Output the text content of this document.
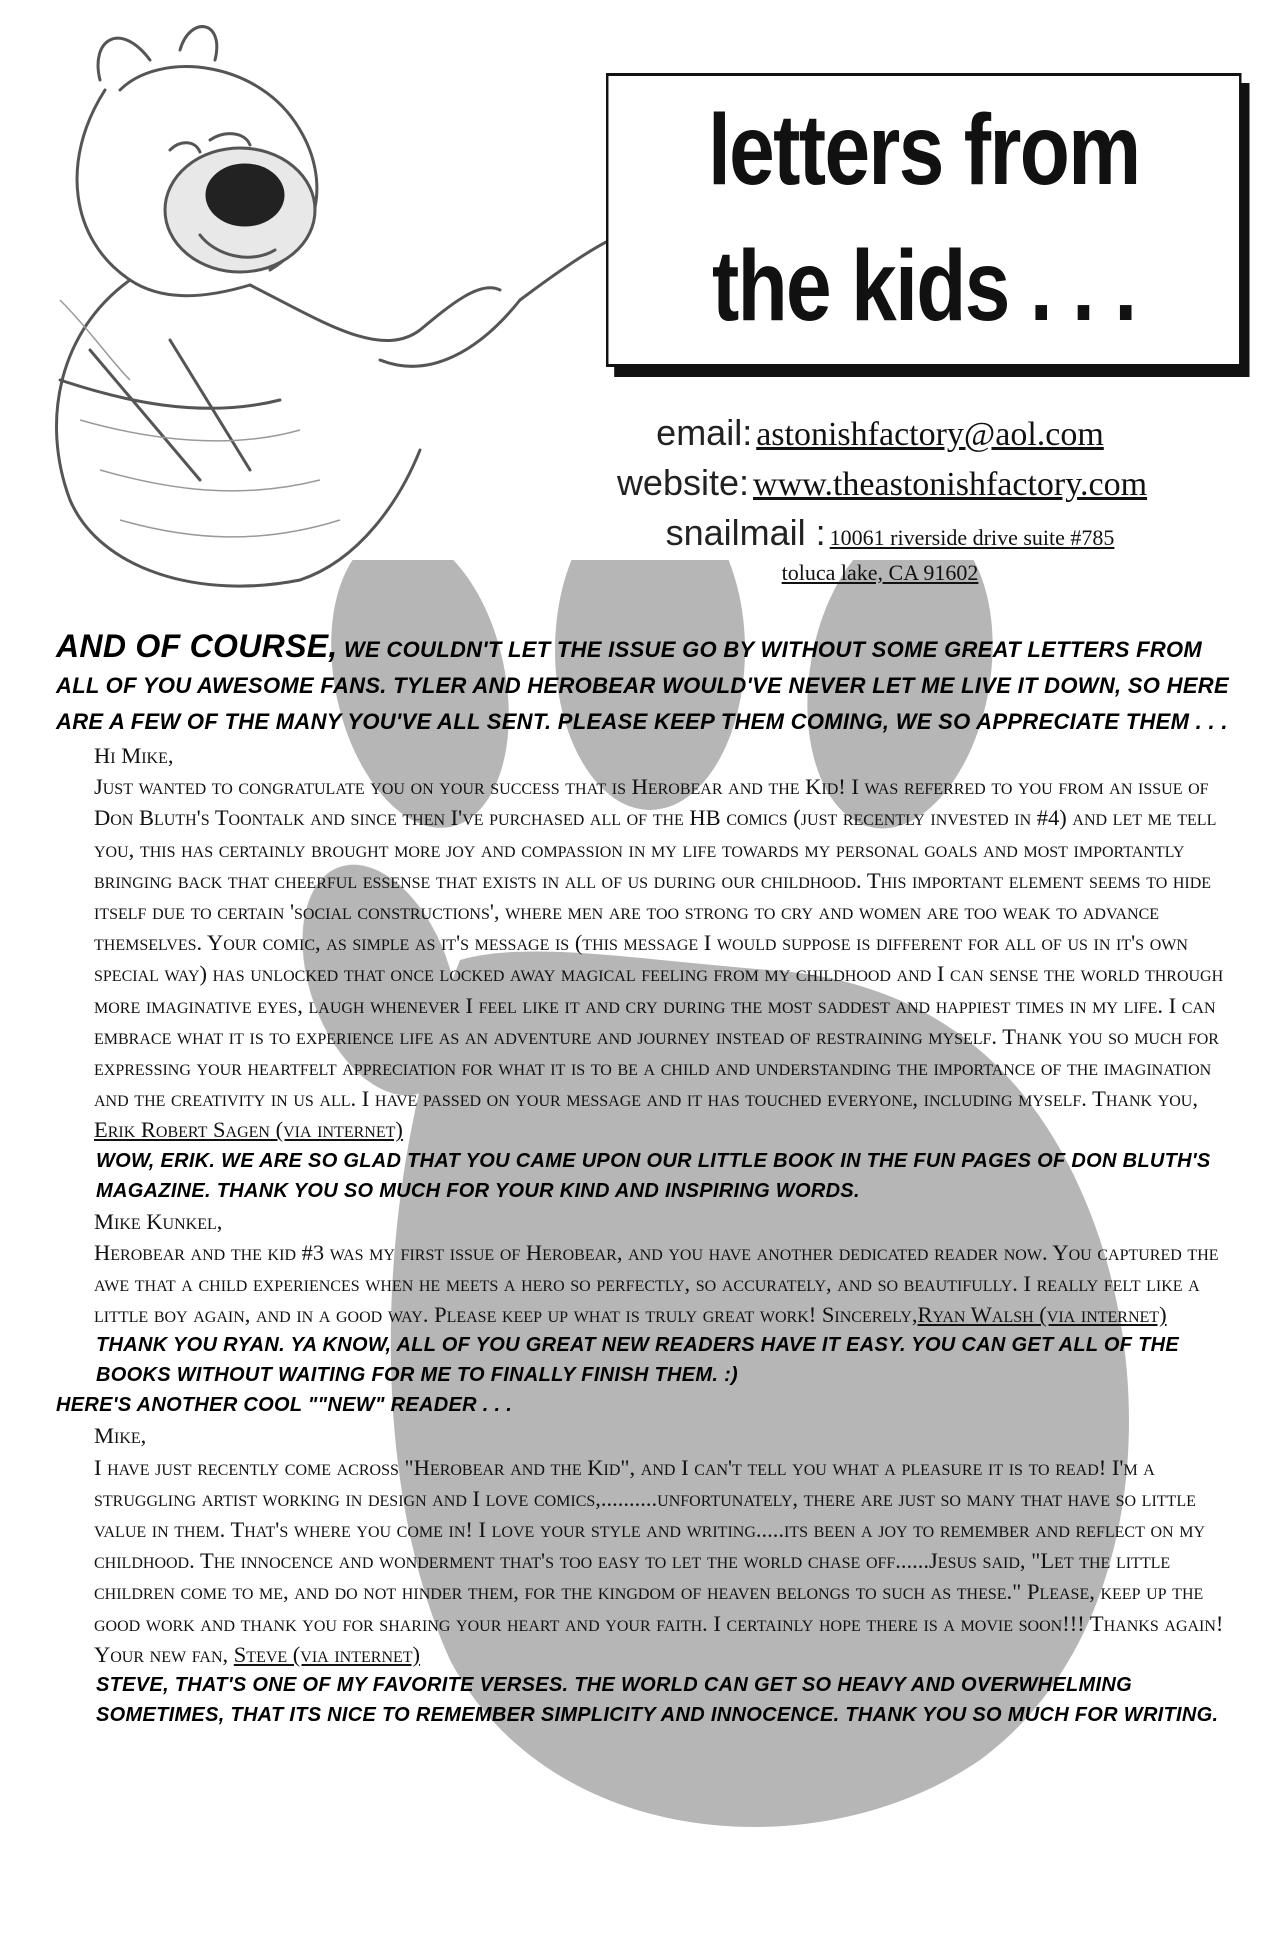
letters from
the kids . . .
email: astonishfactory@aol.com
website: www.theastonishfactory.com
snailmail : 10061 riverside drive suite #785
toluca lake, CA 91602

AND OF COURSE, WE COULDN'T LET THE ISSUE GO BY WITHOUT SOME GREAT LETTERS FROM ALL OF YOU AWESOME FANS. TYLER AND HEROBEAR WOULD'VE NEVER LET ME LIVE IT DOWN, SO HERE ARE A FEW OF THE MANY YOU'VE ALL SENT. PLEASE KEEP THEM COMING, WE SO APPRECIATE THEM . . .

Hi Mike,

Just wanted to congratulate you on your success that is Herobear and the Kid! I was referred to you from an issue of Don Bluth's Toontalk and since then I've purchased all of the HB comics (just recently invested in #4) and let me tell you, this has certainly brought more joy and compassion in my life towards my personal goals and most importantly bringing back that cheerful essense that exists in all of us during our childhood. This important element seems to hide itself due to certain 'social constructions', where men are too strong to cry and women are too weak to advance themselves. Your comic, as simple as it's message is (this message I would suppose is different for all of us in it's own special way) has unlocked that once locked away magical feeling from my childhood and I can sense the world through more imaginative eyes, laugh whenever I feel like it and cry during the most saddest and happiest times in my life. I can embrace what it is to experience life as an adventure and journey instead of restraining myself. Thank you so much for expressing your heartfelt appreciation for what it is to be a child and understanding the importance of the imagination and the creativity in us all. I have passed on your message and it has touched everyone, including myself. Thank you, Erik Robert Sagen (via internet)

WOW, ERIK. WE ARE SO GLAD THAT YOU CAME UPON OUR LITTLE BOOK IN THE FUN PAGES OF DON BLUTH'S MAGAZINE. THANK YOU SO MUCH FOR YOUR KIND AND INSPIRING WORDS.

Mike Kunkel,

Herobear and the kid #3 was my first issue of Herobear, and you have another dedicated reader now. You captured the awe that a child experiences when he meets a hero so perfectly, so accurately, and so beautifully. I really felt like a little boy again, and in a good way. Please keep up what is truly great work! Sincerely,Ryan Walsh (via internet)

THANK YOU RYAN. YA KNOW, ALL OF YOU GREAT NEW READERS HAVE IT EASY. YOU CAN GET ALL OF THE BOOKS WITHOUT WAITING FOR ME TO FINALLY FINISH THEM. :)

HERE'S ANOTHER COOL ""NEW" READER . . .

Mike,

I have just recently come across "Herobear and the Kid", and I can't tell you what a pleasure it is to read! I'm a struggling artist working in design and I love comics,..........unfortunately, there are just so many that have so little value in them. That's where you come in! I love your style and writing.....its been a joy to remember and reflect on my childhood. The innocence and wonderment that's too easy to let the world chase off......Jesus said, "Let the little children come to me, and do not hinder them, for the kingdom of heaven belongs to such as these." Please, keep up the good work and thank you for sharing your heart and your faith. I certainly hope there is a movie soon!!! Thanks again! Your new fan, Steve (via internet)

STEVE, THAT'S ONE OF MY FAVORITE VERSES. THE WORLD CAN GET SO HEAVY AND OVERWHELMING SOMETIMES, THAT ITS NICE TO REMEMBER SIMPLICITY AND INNOCENCE. THANK YOU SO MUCH FOR WRITING.
